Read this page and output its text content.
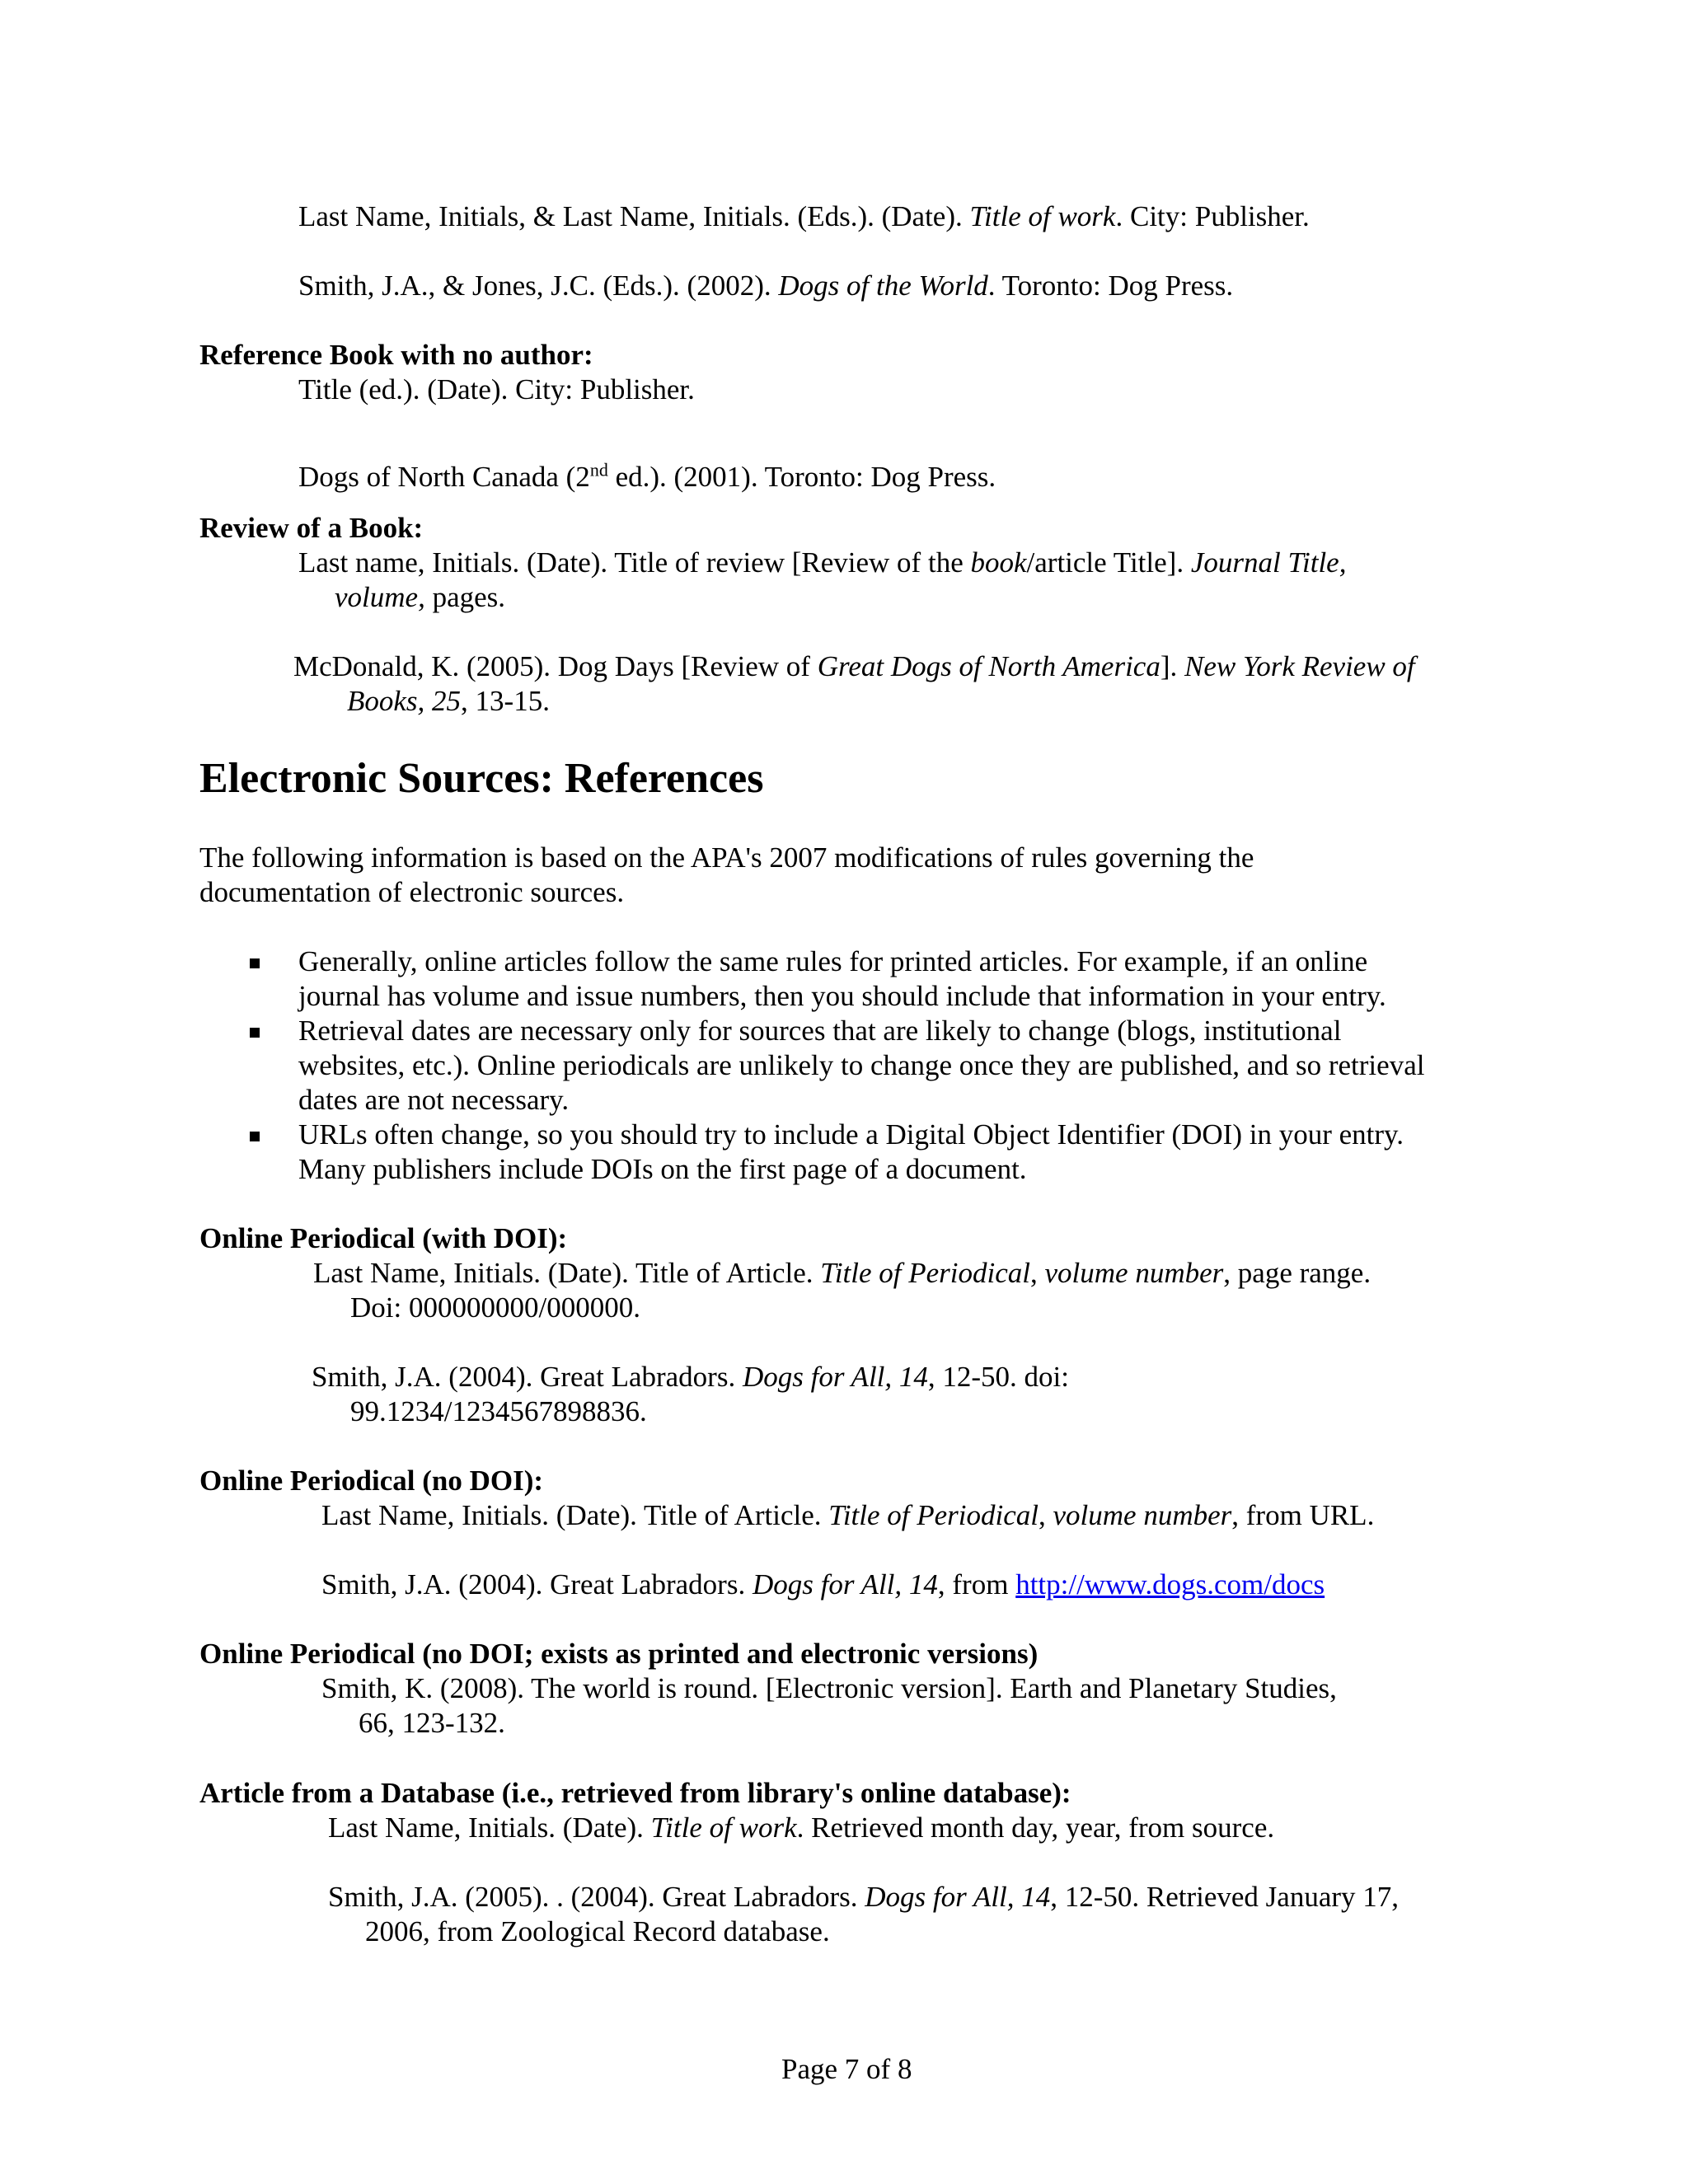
Last Name, Initials, & Last Name, Initials. (Eds.). (Date). Title of work. City: Publisher.

Smith, J.A., & Jones, J.C. (Eds.). (2002). Dogs of the World. Toronto: Dog Press.

Reference Book with no author:

Title (ed.). (Date). City: Publisher.

Dogs of North Canada (2nd ed.). (2001). Toronto: Dog Press.

Review of a Book:

Last name, Initials. (Date). Title of review [Review of the book/article Title]. Journal Title,

volume, pages.

McDonald, K. (2005). Dog Days [Review of Great Dogs of North America]. New York Review of

Books, 25, 13-15.

Electronic Sources: References

The following information is based on the APA's 2007 modifications of rules governing the

documentation of electronic sources.

Generally, online articles follow the same rules for printed articles. For example, if an online

journal has volume and issue numbers, then you should include that information in your entry.

Retrieval dates are necessary only for sources that are likely to change (blogs, institutional

websites, etc.). Online periodicals are unlikely to change once they are published, and so retrieval

dates are not necessary.

URLs often change, so you should try to include a Digital Object Identifier (DOI) in your entry.

Many publishers include DOIs on the first page of a document.

Online Periodical (with DOI):

Last Name, Initials. (Date). Title of Article. Title of Periodical, volume number, page range.

Doi: 000000000/000000.

Smith, J.A. (2004). Great Labradors. Dogs for All, 14, 12-50. doi:

99.1234/1234567898836.

Online Periodical (no DOI):

Last Name, Initials. (Date). Title of Article. Title of Periodical, volume number, from URL.

Smith, J.A. (2004). Great Labradors. Dogs for All, 14, from http://www.dogs.com/docs

Online Periodical (no DOI; exists as printed and electronic versions)

Smith, K. (2008). The world is round. [Electronic version]. Earth and Planetary Studies,

66, 123-132.

Article from a Database (i.e., retrieved from library's online database):

Last Name, Initials. (Date). Title of work. Retrieved month day, year, from source.

Smith, J.A. (2005). . (2004). Great Labradors. Dogs for All, 14, 12-50. Retrieved January 17,

2006, from Zoological Record database.

Page 7 of 8
